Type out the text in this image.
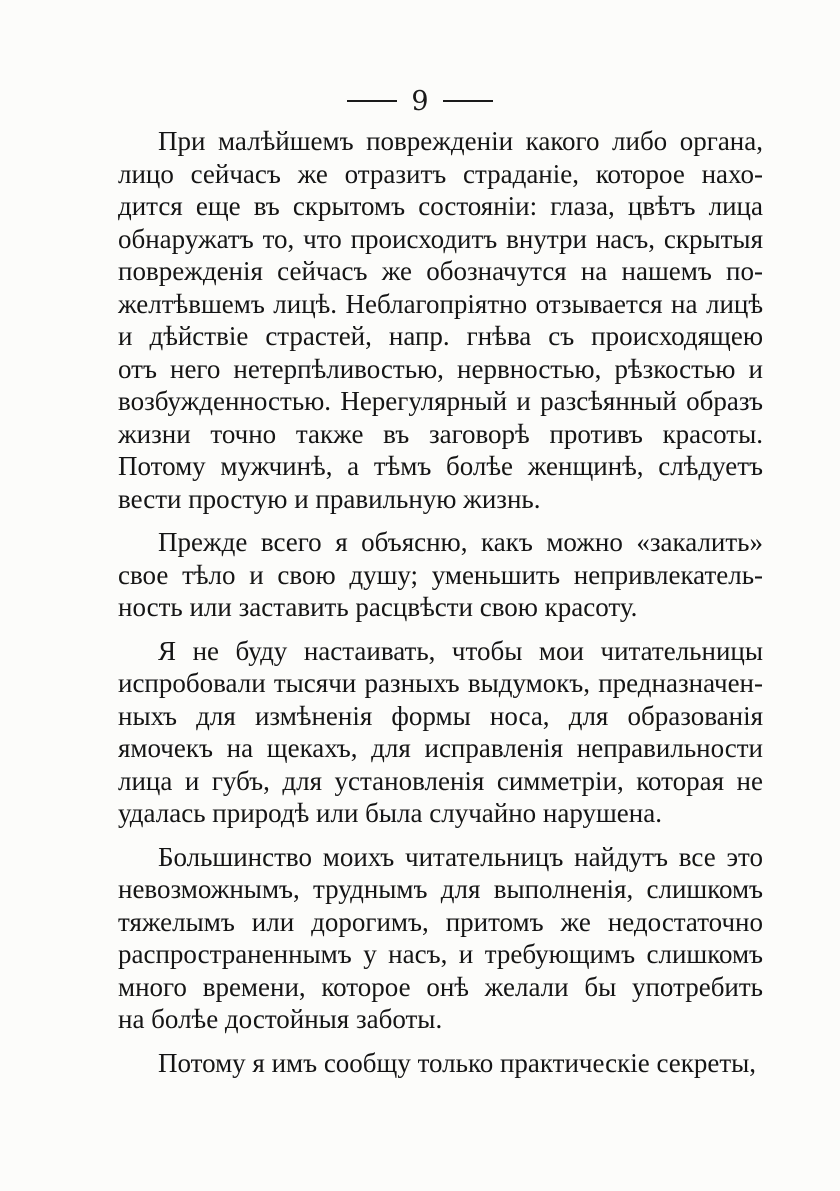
9
При малѣйшемъ поврежденіи какого либо органа,
лицо сейчасъ же отразитъ страданіе, которое нахо-
дится еще въ скрытомъ состояніи: глаза, цвѣтъ лица
обнаружатъ то, что происходитъ внутри насъ, скрытыя
поврежденія сейчасъ же обозначутся на нашемъ по-
желтѣвшемъ лицѣ. Неблагопріятно отзывается на лицѣ
и дѣйствіе страстей, напр. гнѣва съ происходящею
отъ него нетерпѣливостью, нервностью, рѣзкостью и
возбужденностью. Нерегулярный и разсѣянный образъ
жизни точно также въ заговорѣ противъ красоты.
Потому мужчинѣ, а тѣмъ болѣе женщинѣ, слѣдуетъ
вести простую и правильную жизнь.
Прежде всего я объясню, какъ можно «закалить»
свое тѣло и свою душу; уменьшить непривлекатель-
ность или заставить расцвѣсти свою красоту.
Я не буду настаивать, чтобы мои читательницы
испробовали тысячи разныхъ выдумокъ, предназначен-
ныхъ для измѣненія формы носа, для образованія
ямочекъ на щекахъ, для исправленія неправильности
лица и губъ, для установленія симметріи, которая не
удалась природѣ или была случайно нарушена.
Большинство моихъ читательницъ найдутъ все это
невозможнымъ, труднымъ для выполненія, слишкомъ
тяжелымъ или дорогимъ, притомъ же недостаточно
распространеннымъ у насъ, и требующимъ слишкомъ
много времени, которое онѣ желали бы употребить
на болѣе достойныя заботы.
Потому я имъ сообщу только практическіе секреты,
